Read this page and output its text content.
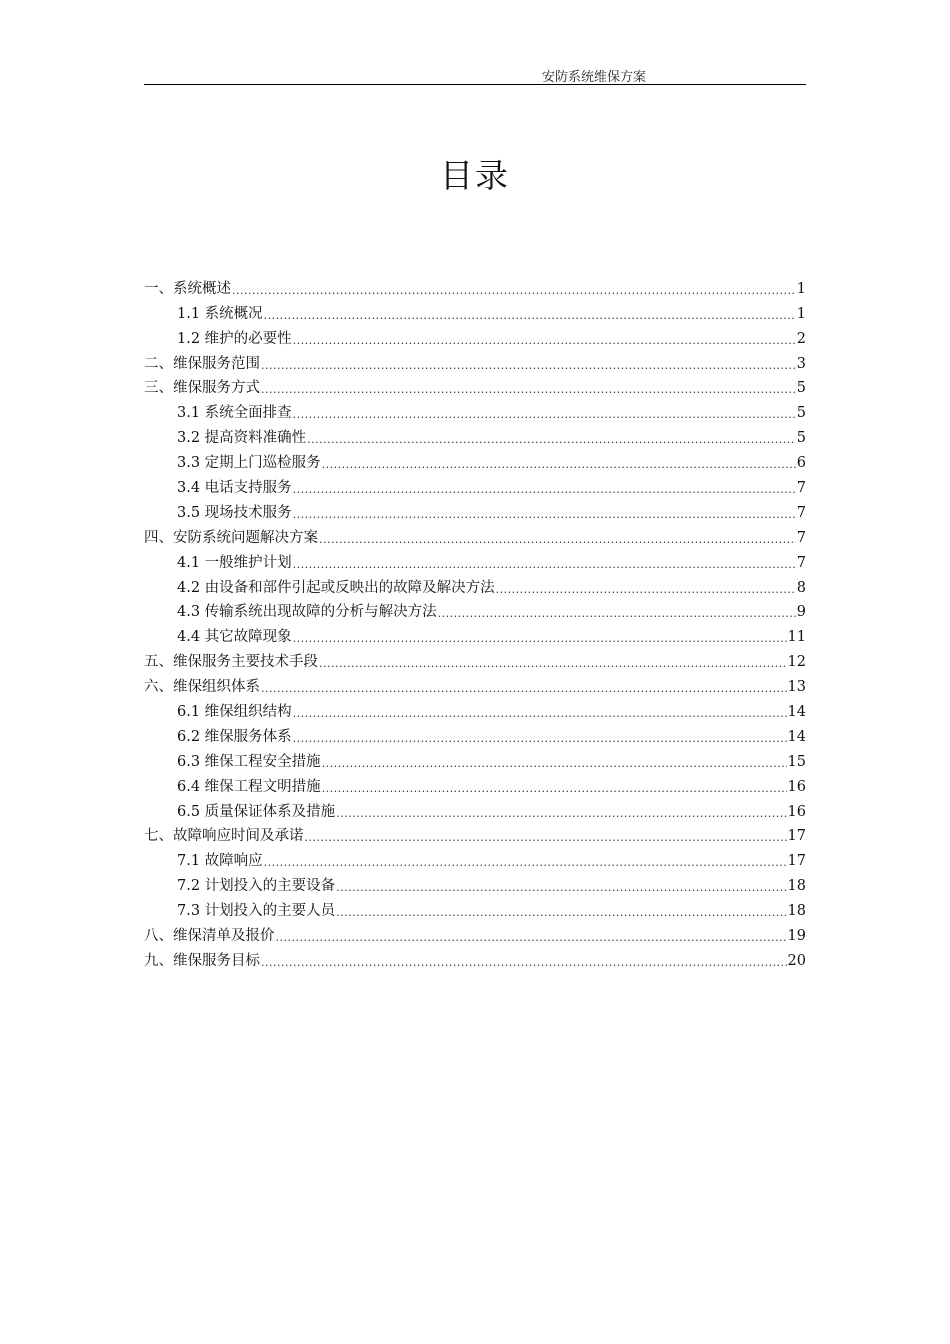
安防系统维保方案
目录
一、系统概述 .....	1
1.1 系统概况 .....	1
1.2 维护的必要性 .....	2
二、维保服务范围 .....	3
三、维保服务方式 .....	5
3.1 系统全面排查 .....	5
3.2 提高资料准确性 .....	5
3.3 定期上门巡检服务 .....	6
3.4 电话支持服务 .....	7
3.5 现场技术服务 .....	7
四、安防系统问题解决方案 .....	7
4.1 一般维护计划 .....	7
4.2 由设备和部件引起或反映出的故障及解决方法 .....	8
4.3 传输系统出现故障的分析与解决方法 .....	9
4.4 其它故障现象 .....	11
五、维保服务主要技术手段 .....	12
六、维保组织体系 .....	13
6.1 维保组织结构 .....	14
6.2 维保服务体系 .....	14
6.3 维保工程安全措施 .....	15
6.4 维保工程文明措施 .....	16
6.5 质量保证体系及措施 .....	16
七、故障响应时间及承诺 .....	17
7.1 故障响应 .....	17
7.2 计划投入的主要设备 .....	18
7.3 计划投入的主要人员 .....	18
八、维保清单及报价 .....	19
九、维保服务目标 .....	20
